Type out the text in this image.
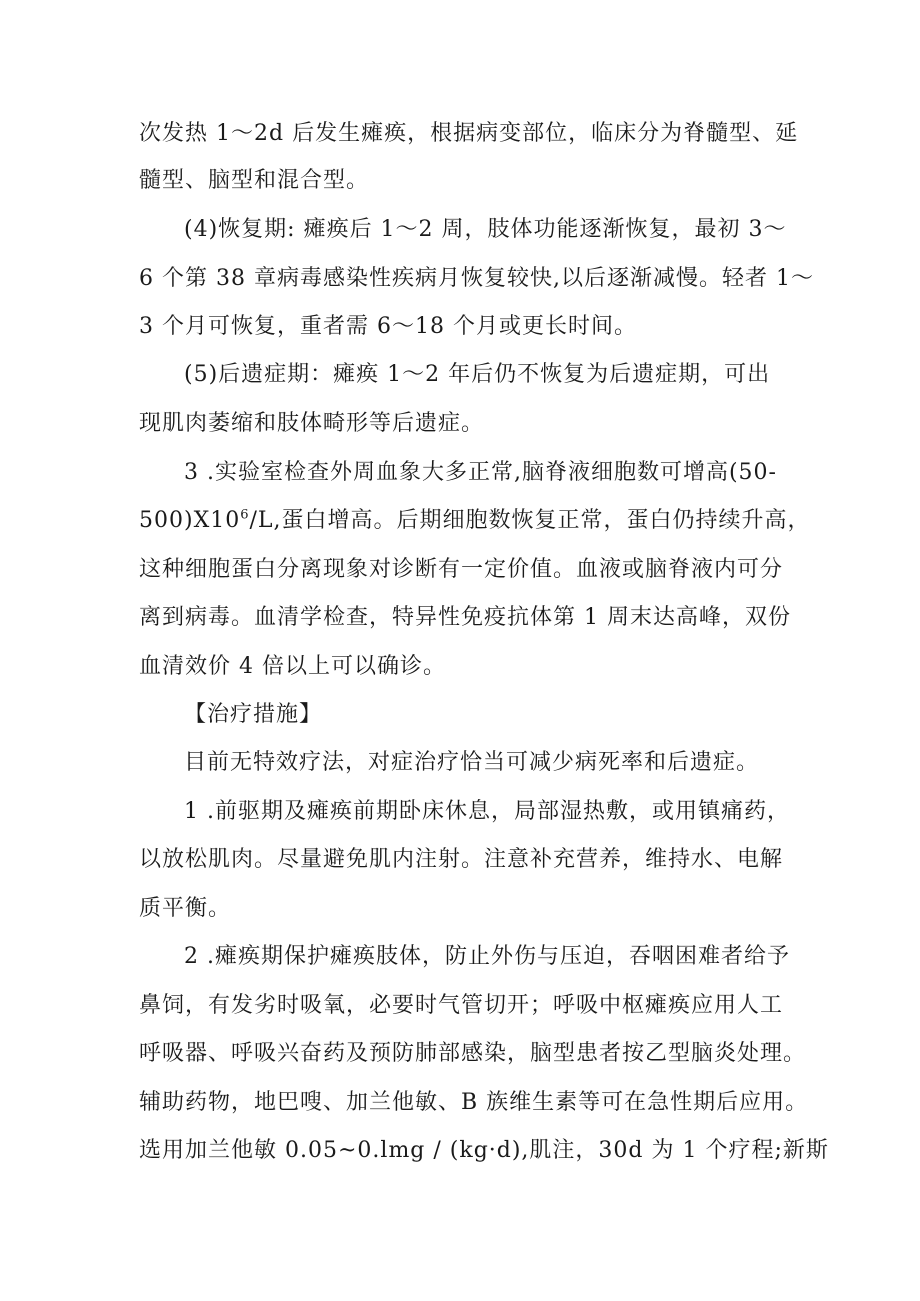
次发热 1～2d 后发生瘫痪，根据病变部位，临床分为脊髓型、延
髓型、脑型和混合型。
(4)恢复期: 瘫痪后 1～2 周，肢体功能逐渐恢复，最初 3～
6 个第 38 章病毒感染性疾病月恢复较快,以后逐渐减慢。轻者 1～
3 个月可恢复，重者需 6～18 个月或更长时间。
(5)后遗症期：瘫痪 1～2 年后仍不恢复为后遗症期，可出
现肌肉萎缩和肢体畸形等后遗症。
3 .实验室检查外周血象大多正常,脑脊液细胞数可增高(50-
$500)X10^6/L$,蛋白增高。后期细胞数恢复正常，蛋白仍持续升高，
这种细胞蛋白分离现象对诊断有一定价值。血液或脑脊液内可分
离到病毒。血清学检查，特异性免疫抗体第 1 周末达高峰，双份
血清效价 4 倍以上可以确诊。
【治疗措施】
目前无特效疗法，对症治疗恰当可减少病死率和后遗症。
1 .前驱期及瘫痪前期卧床休息，局部湿热敷，或用镇痛药，
以放松肌肉。尽量避免肌内注射。注意补充营养，维持水、电解
质平衡。
2 .瘫痪期保护瘫痪肢体，防止外伤与压迫，吞咽困难者给予
鼻饲，有发劣时吸氧，必要时气管切开；呼吸中枢瘫痪应用人工
呼吸器、呼吸兴奋药及预防肺部感染，脑型患者按乙型脑炎处理。
辅助药物，地巴嗖、加兰他敏、B 族维生素等可在急性期后应用。
选用加兰他敏 0.05~0.lmg / (kg·d),肌注，30d 为 1 个疗程;新斯
